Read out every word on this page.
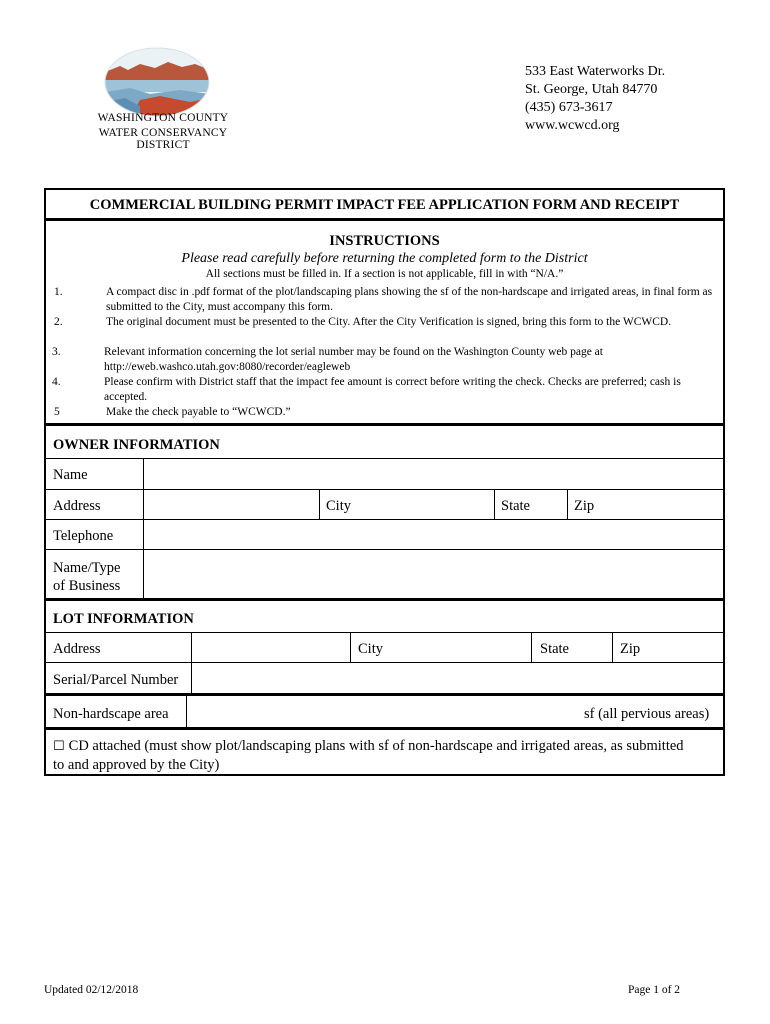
WASHINGTON COUNTY
WATER CONSERVANCY DISTRICT
533 East Waterworks Dr.
St. George, Utah 84770
(435) 673-3617
www.wcwcd.org
COMMERCIAL BUILDING PERMIT IMPACT FEE APPLICATION FORM AND RECEIPT
INSTRUCTIONS
Please read carefully before returning the completed form to the District
All sections must be filled in. If a section is not applicable, fill in with “N/A.”
1.	A compact disc in .pdf format of the plot/landscaping plans showing the sf of the non-hardscape and irrigated areas, in final form as submitted to the City, must accompany this form.
2.	The original document must be presented to the City. After the City Verification is signed, bring this form to the WCWCD.
3.	Relevant information concerning the lot serial number may be found on the Washington County web page at http://eweb.washco.utah.gov:8080/recorder/eagleweb
4.	Please confirm with District staff that the impact fee amount is correct before writing the check. Checks are preferred; cash is accepted.
5	Make the check payable to “WCWCD.”
OWNER INFORMATION
Name
Address	City	State	Zip
Telephone
Name/Type
of Business
LOT INFORMATION
Address	City	State	Zip
Serial/Parcel Number
Non-hardscape area	sf (all pervious areas)
☐ CD attached (must show plot/landscaping plans with sf of non-hardscape and irrigated areas, as submitted
to and approved by the City)
Updated 02/12/2018	Page 1 of 2
